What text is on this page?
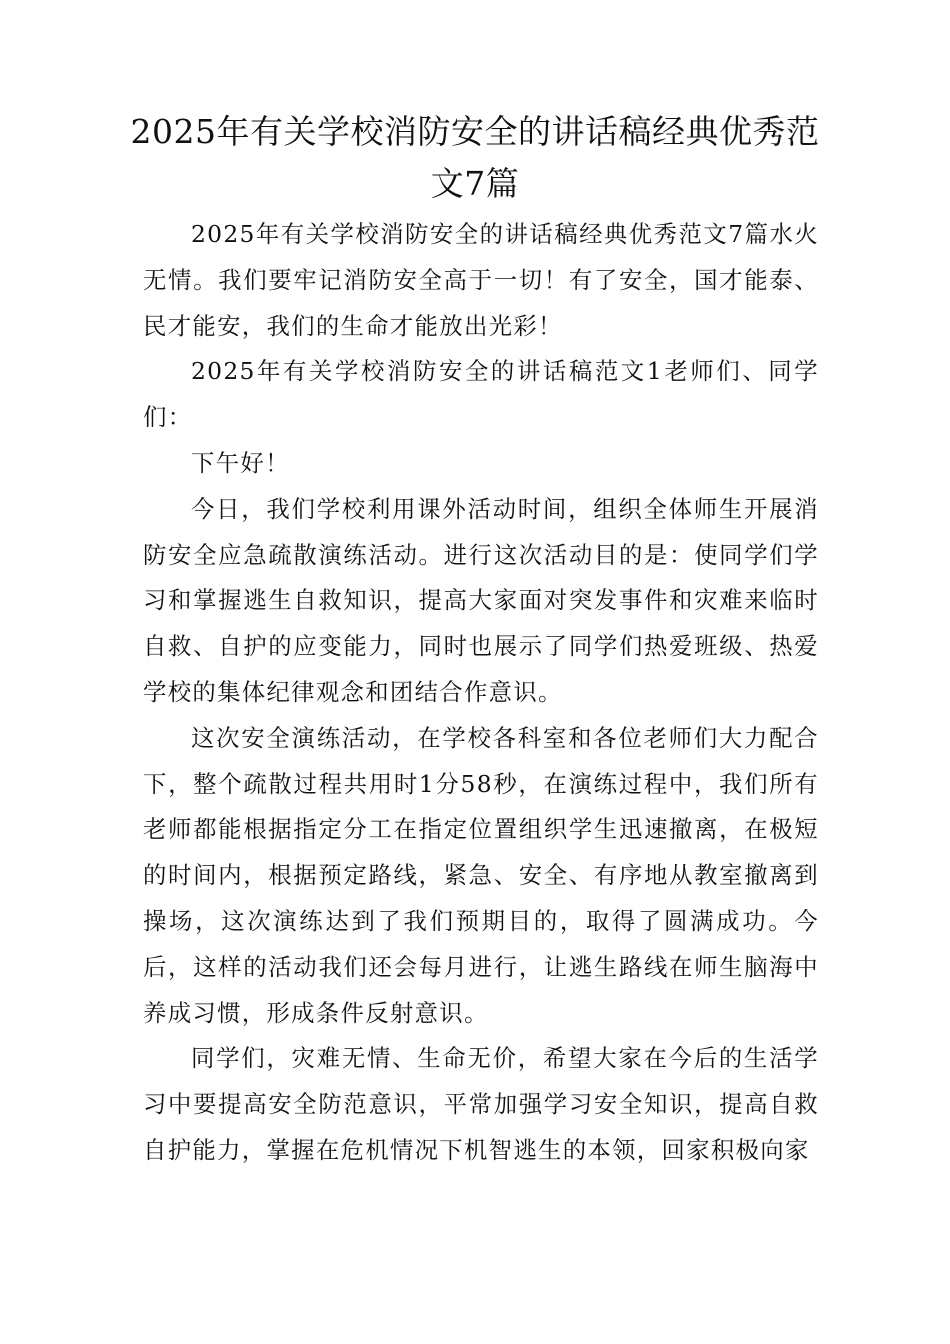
2025年有关学校消防安全的讲话稿经典优秀范文7篇

2025年有关学校消防安全的讲话稿经典优秀范文7篇水火无情。我们要牢记消防安全高于一切！有了安全，国才能泰、民才能安，我们的生命才能放出光彩！

2025年有关学校消防安全的讲话稿范文1老师们、同学们：

下午好！

今日，我们学校利用课外活动时间，组织全体师生开展消防安全应急疏散演练活动。进行这次活动目的是：使同学们学习和掌握逃生自救知识，提高大家面对突发事件和灾难来临时自救、自护的应变能力，同时也展示了同学们热爱班级、热爱学校的集体纪律观念和团结合作意识。

这次安全演练活动，在学校各科室和各位老师们大力配合下，整个疏散过程共用时1分58秒，在演练过程中，我们所有老师都能根据指定分工在指定位置组织学生迅速撤离，在极短的时间内，根据预定路线，紧急、安全、有序地从教室撤离到操场，这次演练达到了我们预期目的，取得了圆满成功。今后，这样的活动我们还会每月进行，让逃生路线在师生脑海中养成习惯，形成条件反射意识。

同学们，灾难无情、生命无价，希望大家在今后的生活学习中要提高安全防范意识，平常加强学习安全知识，提高自救自护能力，掌握在危机情况下机智逃生的本领，回家积极向家
